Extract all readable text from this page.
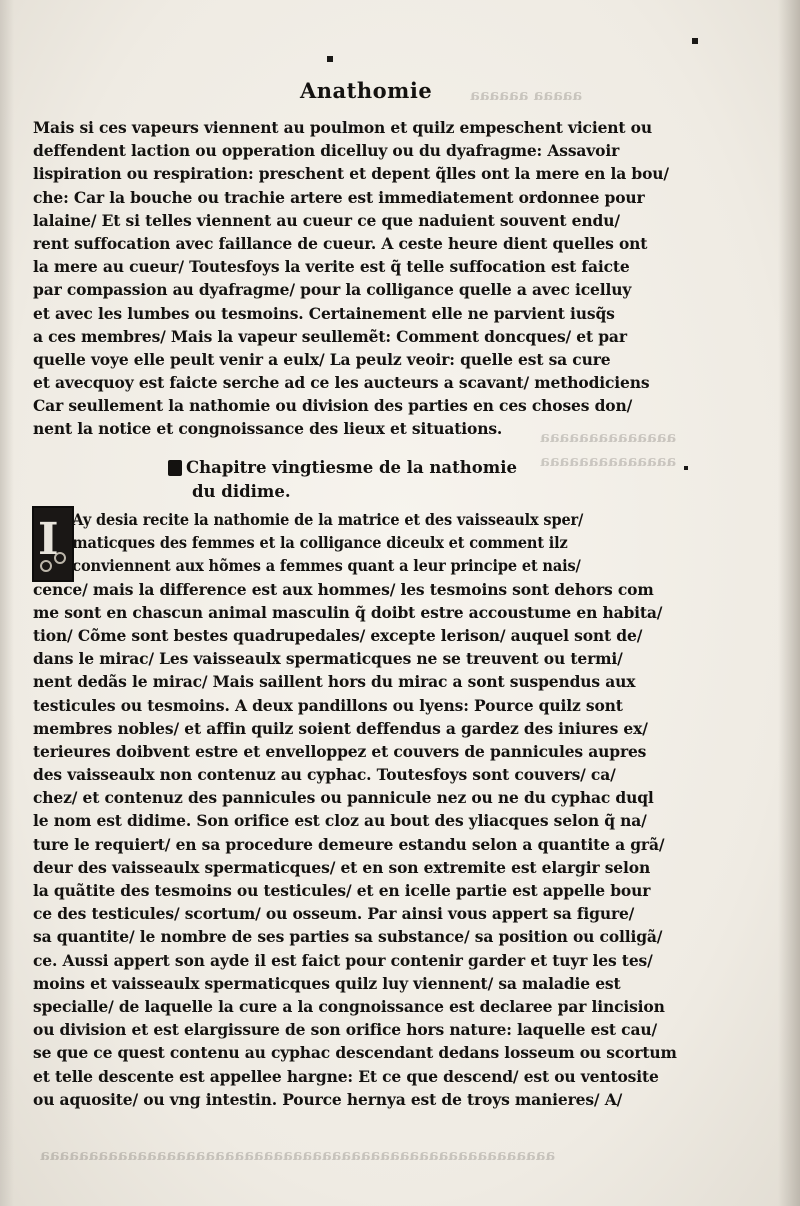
aaaaa aaaaaa
aaaaaaaaaaaaaa
aaaaaaaaaaaaaa
aaaaaaaaaaaaaaaaaaaaaaaaaaaaaaaaaaaaaaaaaaaaaaaaaaaaa
Anathomie
Mais si ces vapeurs viennent au poulmon et quilz empeschent vicient ou
deffendent laction ou opperation dicelluy ou du dyafragme: Assavoir
lispiration ou respiration: preschent et depent q̃lles ont la mere en la bou/
che: Car la bouche ou trachie artere est immediatement ordonnee pour
lalaine/ Et si telles viennent au cueur ce que naduient souvent endu/
rent suffocation avec faillance de cueur. A ceste heure dient quelles ont
la mere au cueur/ Toutesfoys la verite est q̃ telle suffocation est faicte
par compassion au dyafragme/ pour la colligance quelle a avec icelluy
et avec les lumbes ou tesmoins. Certainement elle ne parvient iusq̃s
a ces membres/ Mais la vapeur seullemẽt: Comment doncques/ et par
quelle voye elle peult venir a eulx/ La peulz veoir: quelle est sa cure
et avecquoy est faicte serche ad ce les aucteurs a scavant/ methodiciens
Car seullement la nathomie ou division des parties en ces choses don/
nent la notice et congnoissance des lieux et situations.
Chapitre vingtiesme de la nathomie
du didime.
I Ay desia recite la nathomie de la matrice et des vaisseaulx sper/
maticques des femmes et la colligance diceulx et comment ilz
conviennent aux hõmes a femmes quant a leur principe et nais/
cence/ mais la difference est aux hommes/ les tesmoins sont dehors com
me sont en chascun animal masculin q̃ doibt estre accoustume en habita/
tion/ Cõme sont bestes quadrupedales/ excepte lerison/ auquel sont de/
dans le mirac/ Les vaisseaulx spermaticques ne se treuvent ou termi/
nent dedãs le mirac/ Mais saillent hors du mirac a sont suspendus aux
testicules ou tesmoins. A deux pandillons ou lyens: Pource quilz sont
membres nobles/ et affin quilz soient deffendus a gardez des iniures ex/
terieures doibvent estre et envelloppez et couvers de pannicules aupres
des vaisseaulx non contenuz au cyphac. Toutesfoys sont couvers/ ca/
chez/ et contenuz des pannicules ou pannicule nez ou ne du cyphac duql
le nom est didime. Son orifice est cloz au bout des yliacques selon q̃ na/
ture le requiert/ en sa procedure demeure estandu selon a quantite a grã/
deur des vaisseaulx spermaticques/ et en son extremite est elargir selon
la quãtite des tesmoins ou testicules/ et en icelle partie est appelle bour
ce des testicules/ scortum/ ou osseum. Par ainsi vous appert sa figure/
sa quantite/ le nombre de ses parties sa substance/ sa position ou colligã/
ce. Aussi appert son ayde il est faict pour contenir garder et tuyr les tes/
moins et vaisseaulx spermaticques quilz luy viennent/ sa maladie est
specialle/ de laquelle la cure a la congnoissance est declaree par lincision
ou division et est elargissure de son orifice hors nature: laquelle est cau/
se que ce quest contenu au cyphac descendant dedans losseum ou scortum
et telle descente est appellee hargne: Et ce que descend/ est ou ventosite
ou aquosite/ ou vng intestin. Pource hernya est de troys manieres/ A/
